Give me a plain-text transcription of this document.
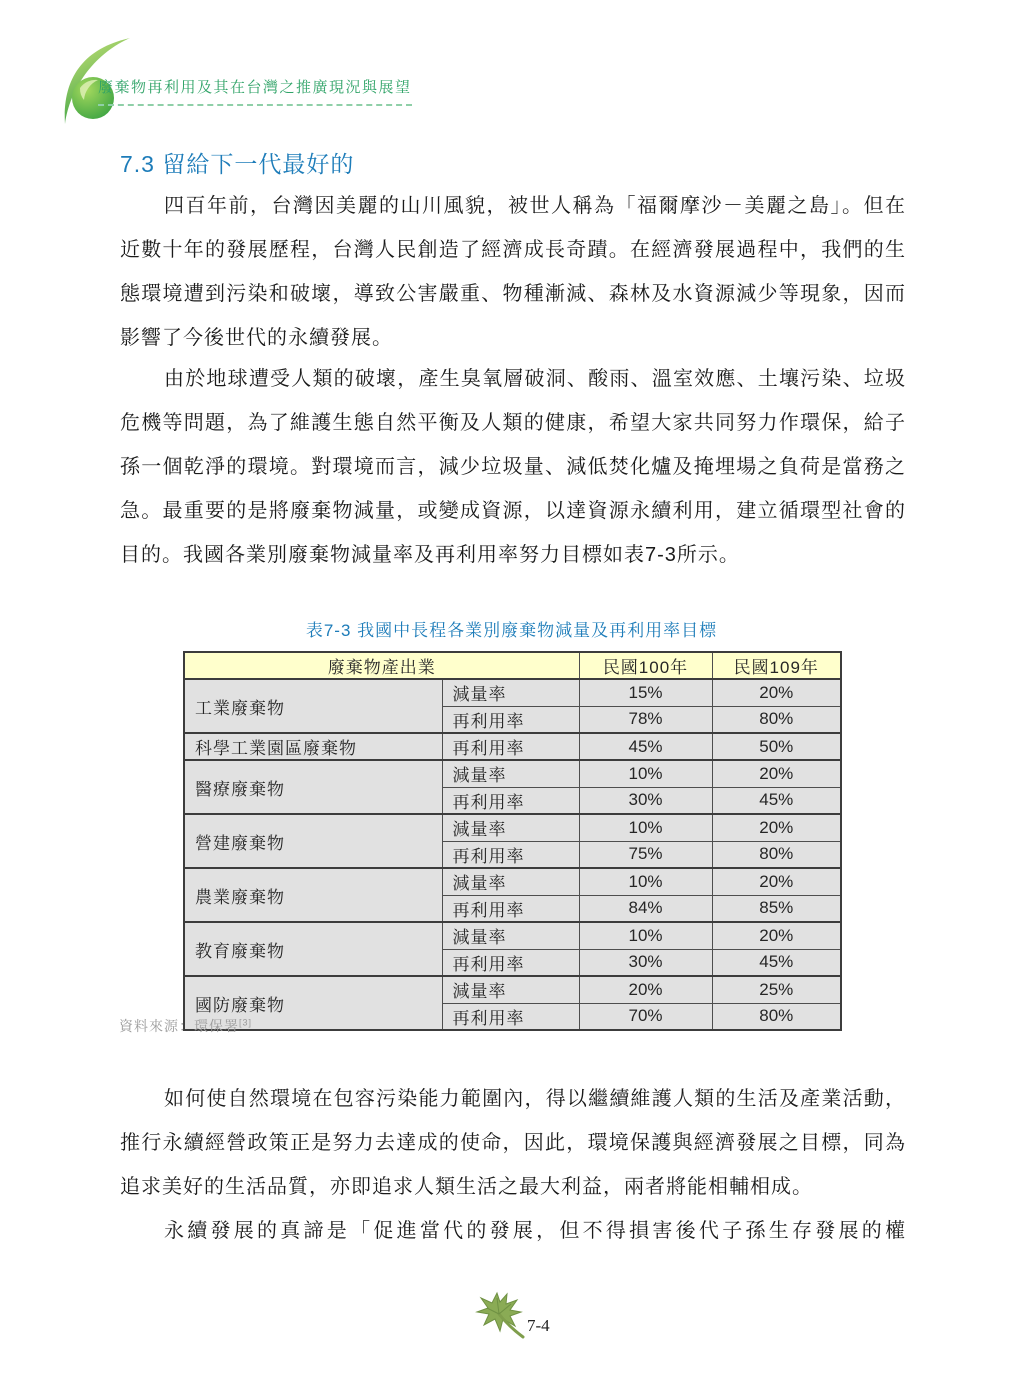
廢棄物再利用及其在台灣之推廣現況與展望
7.3 留給下一代最好的
四百年前，台灣因美麗的山川風貌，被世人稱為「福爾摩沙－美麗之島」。但在近數十年的發展歷程，台灣人民創造了經濟成長奇蹟。在經濟發展過程中，我們的生態環境遭到污染和破壞，導致公害嚴重、物種漸減、森林及水資源減少等現象，因而影響了今後世代的永續發展。
由於地球遭受人類的破壞，產生臭氧層破洞、酸雨、溫室效應、土壤污染、垃圾危機等問題，為了維護生態自然平衡及人類的健康，希望大家共同努力作環保，給子孫一個乾淨的環境。對環境而言，減少垃圾量、減低焚化爐及掩埋場之負荷是當務之急。最重要的是將廢棄物減量，或變成資源，以達資源永續利用，建立循環型社會的目的。我國各業別廢棄物減量率及再利用率努力目標如表7-3所示。
表7-3 我國中長程各業別廢棄物減量及再利用率目標
廢棄物產出業		民國100年	民國109年
工業廢棄物	減量率	15%	20%
	再利用率	78%	80%
科學工業園區廢棄物	再利用率	45%	50%
醫療廢棄物	減量率	10%	20%
	再利用率	30%	45%
營建廢棄物	減量率	10%	20%
	再利用率	75%	80%
農業廢棄物	減量率	10%	20%
	再利用率	84%	85%
教育廢棄物	減量率	10%	20%
	再利用率	30%	45%
國防廢棄物	減量率	20%	25%
	再利用率	70%	80%
資料來源：環保署[3]
如何使自然環境在包容污染能力範圍內，得以繼續維護人類的生活及產業活動，推行永續經營政策正是努力去達成的使命，因此，環境保護與經濟發展之目標，同為追求美好的生活品質，亦即追求人類生活之最大利益，兩者將能相輔相成。
永續發展的真諦是「促進當代的發展，但不得損害後代子孫生存發展的權
7-4
